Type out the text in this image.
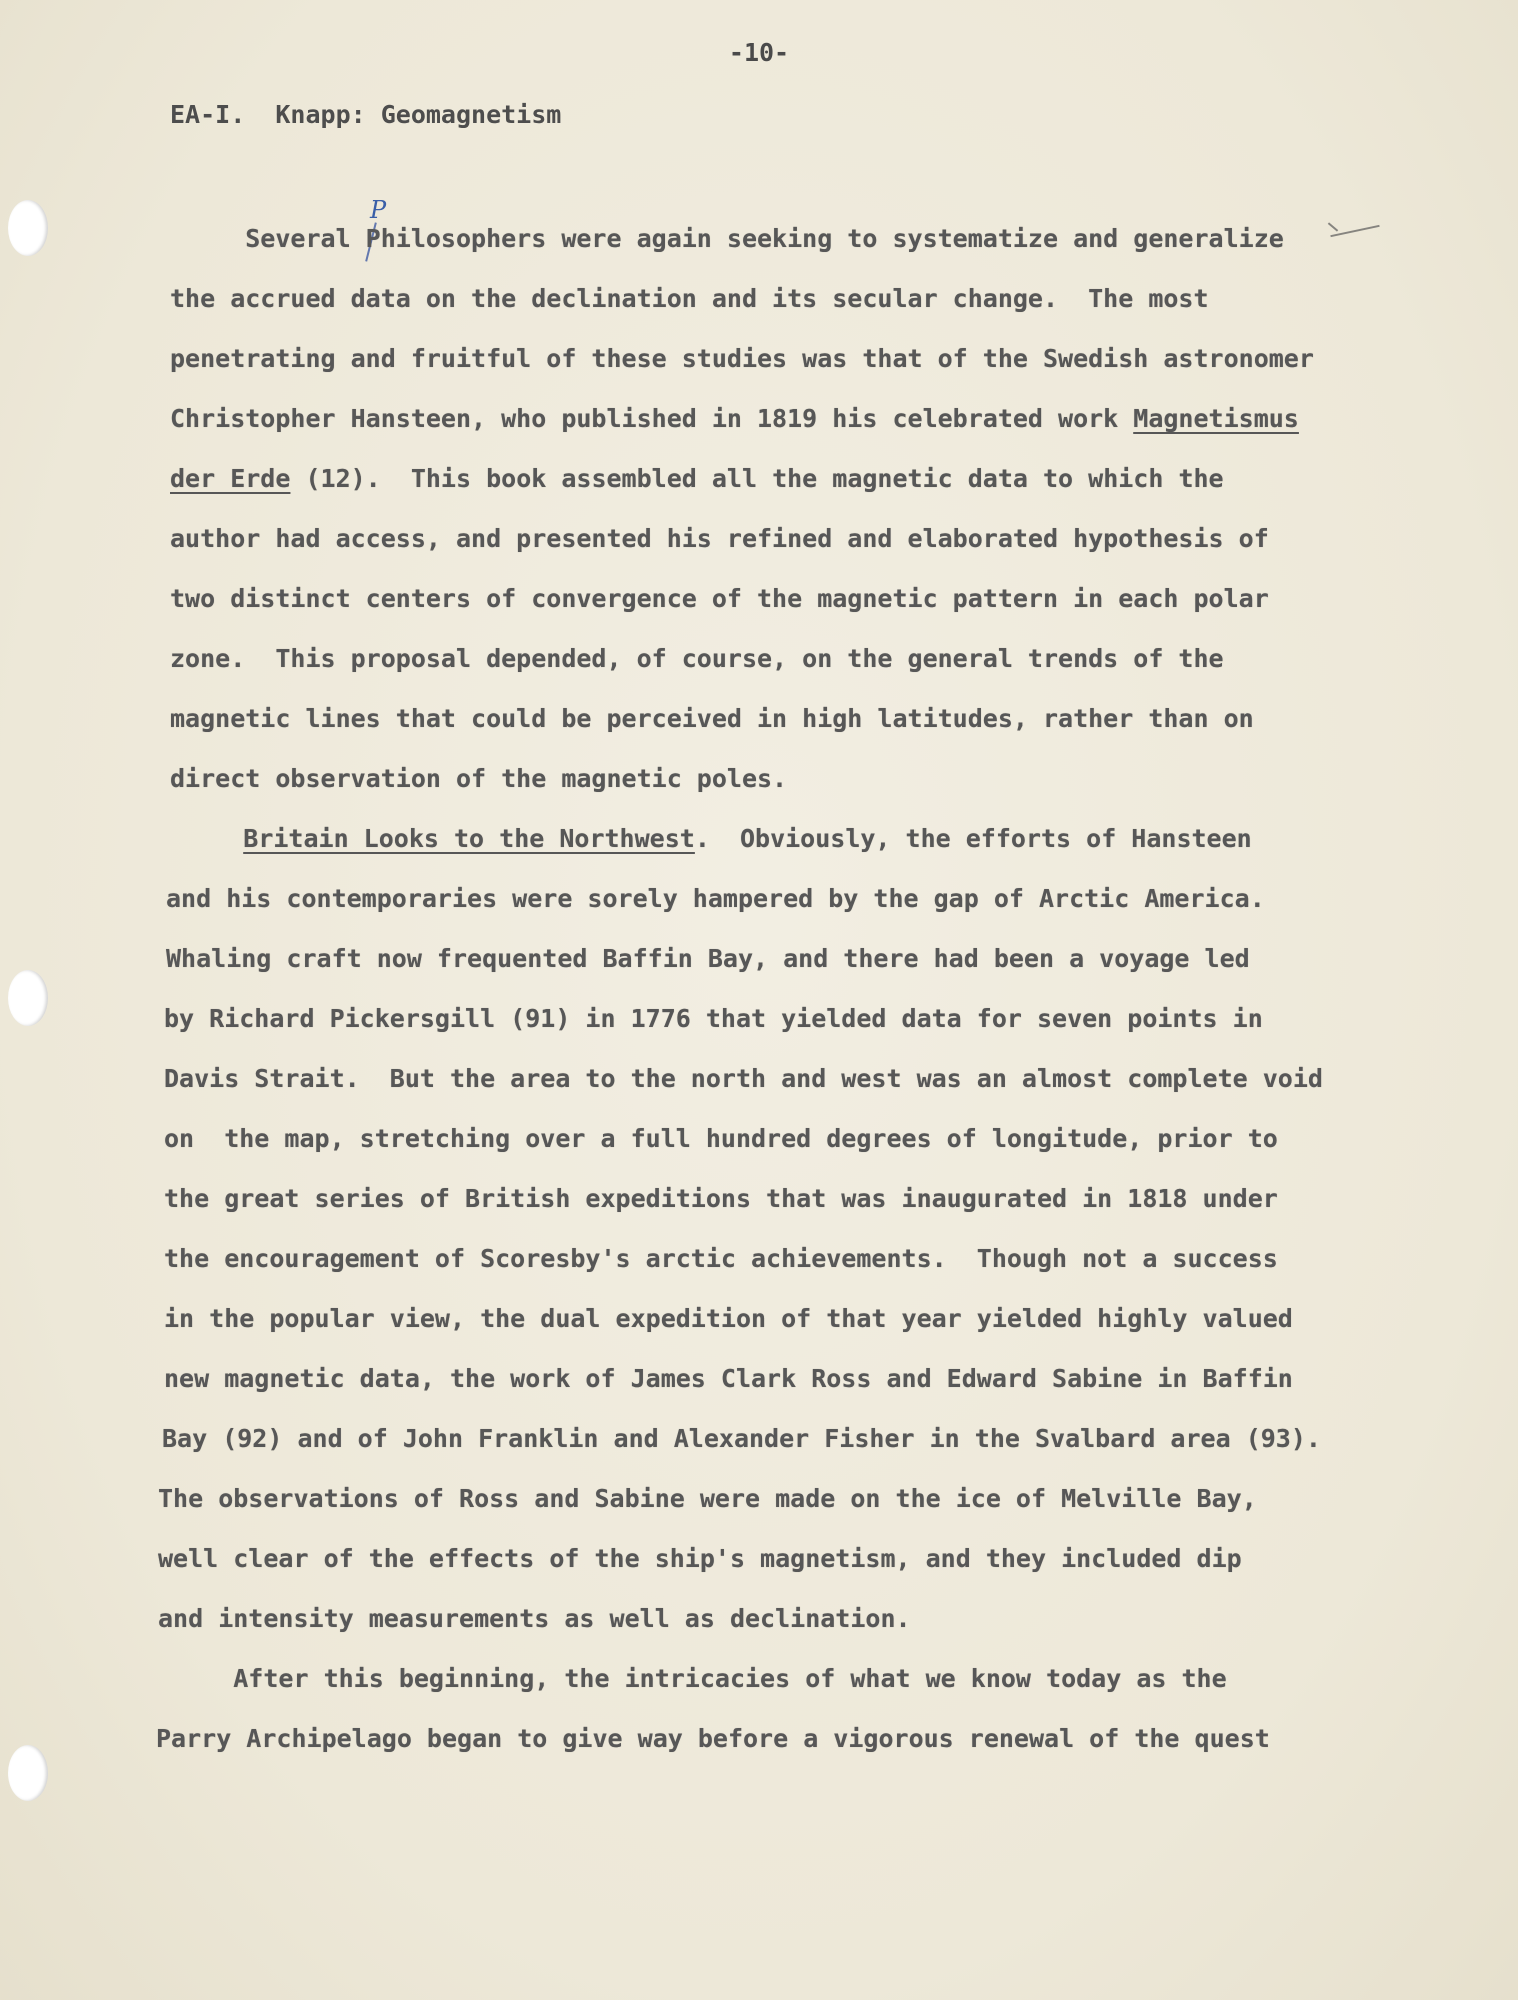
-10-
EA-I.  Knapp: Geomagnetism
P
Several Philosophers were again seeking to systematize and generalize
the accrued data on the declination and its secular change.  The most
penetrating and fruitful of these studies was that of the Swedish astronomer
Christopher Hansteen, who published in 1819 his celebrated work Magnetismus
der Erde (12).  This book assembled all the magnetic data to which the
author had access, and presented his refined and elaborated hypothesis of
two distinct centers of convergence of the magnetic pattern in each polar
zone.  This proposal depended, of course, on the general trends of the
magnetic lines that could be perceived in high latitudes, rather than on
direct observation of the magnetic poles.
Britain Looks to the Northwest.  Obviously, the efforts of Hansteen
and his contemporaries were sorely hampered by the gap of Arctic America.
Whaling craft now frequented Baffin Bay, and there had been a voyage led
by Richard Pickersgill (91) in 1776 that yielded data for seven points in
Davis Strait.  But the area to the north and west was an almost complete void
on  the map, stretching over a full hundred degrees of longitude, prior to
the great series of British expeditions that was inaugurated in 1818 under
the encouragement of Scoresby's arctic achievements.  Though not a success
in the popular view, the dual expedition of that year yielded highly valued
new magnetic data, the work of James Clark Ross and Edward Sabine in Baffin
Bay (92) and of John Franklin and Alexander Fisher in the Svalbard area (93).
The observations of Ross and Sabine were made on the ice of Melville Bay,
well clear of the effects of the ship's magnetism, and they included dip
and intensity measurements as well as declination.
After this beginning, the intricacies of what we know today as the
Parry Archipelago began to give way before a vigorous renewal of the quest
